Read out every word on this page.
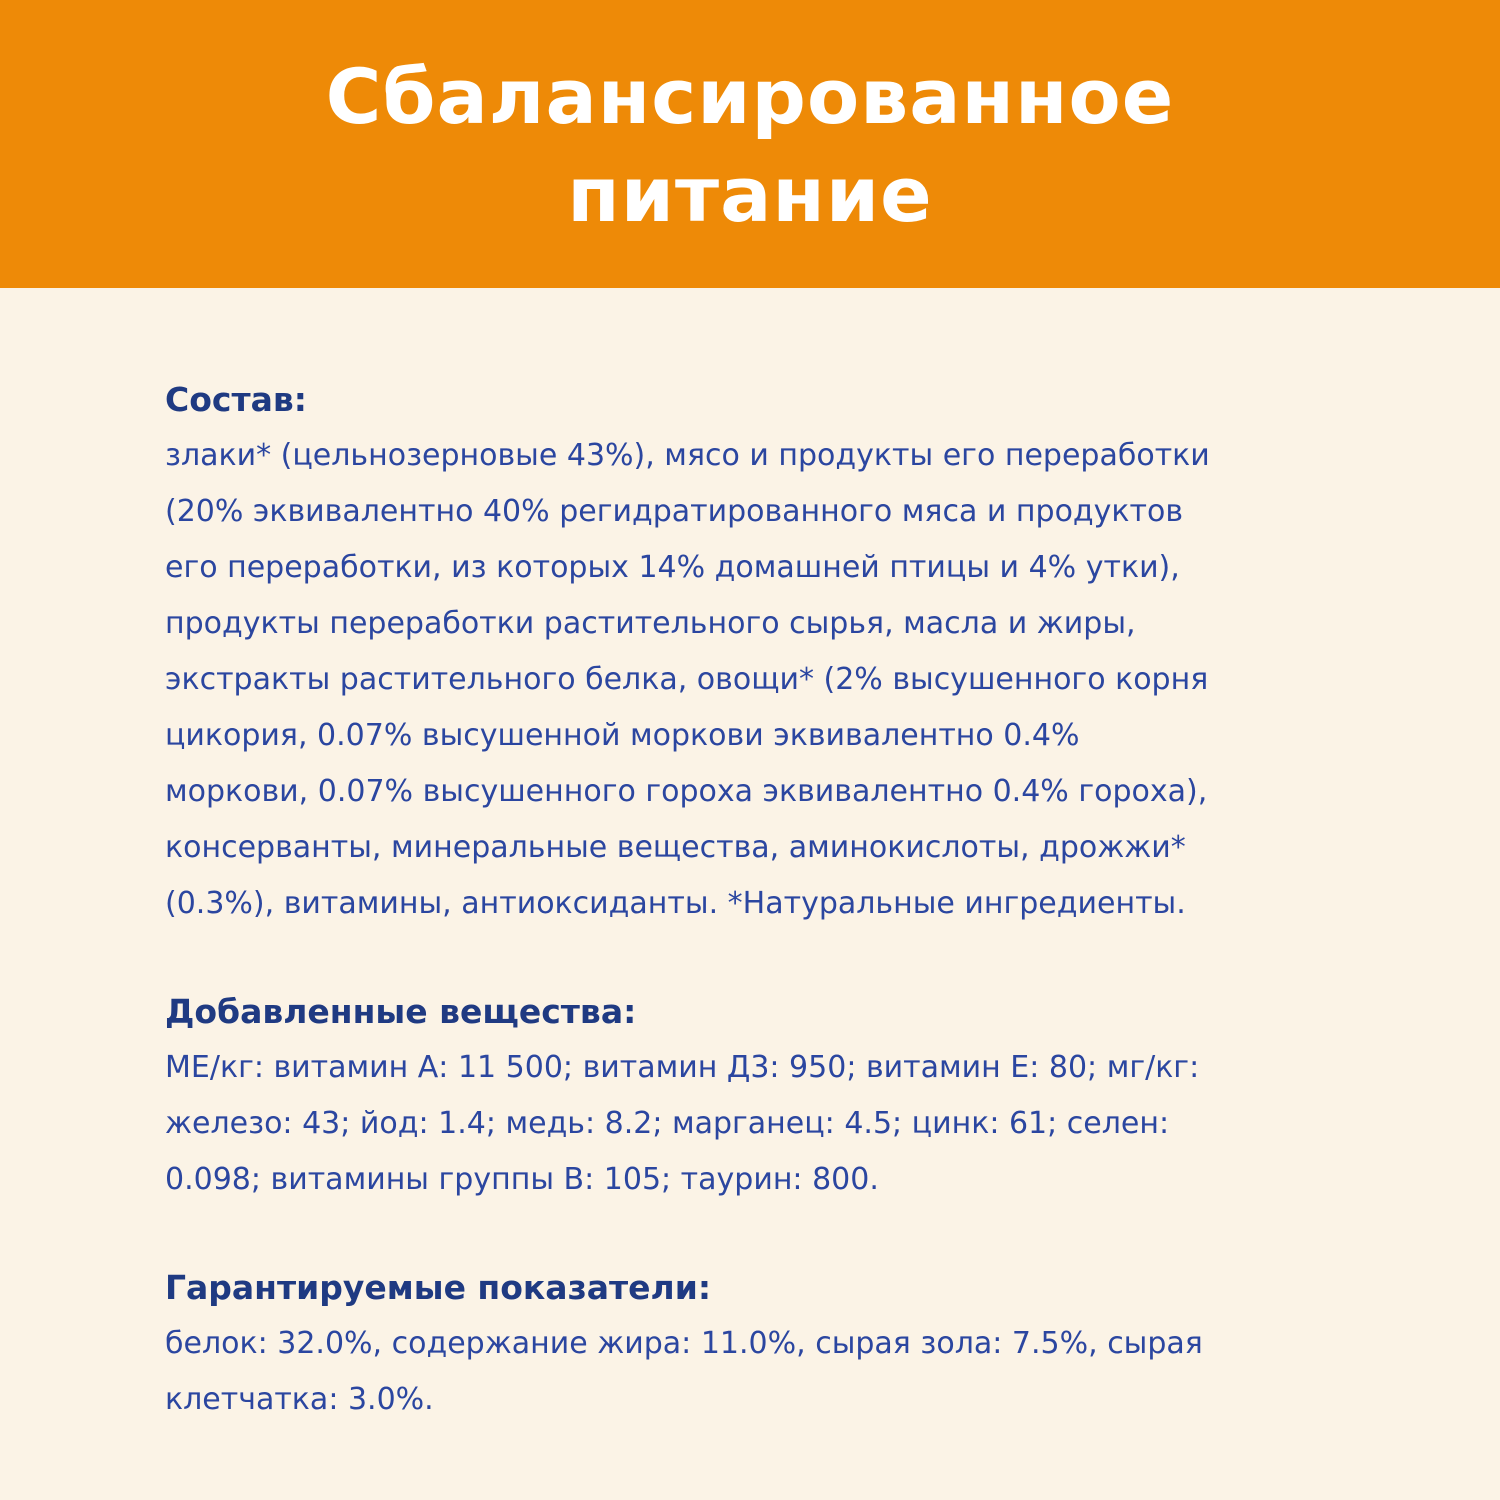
Сбалансированное
питание
Состав:

злаки* (цельнозерновые 43%), мясо и продукты его переработки
(20% эквивалентно 40% регидратированного мяса и продуктов
его переработки, из которых 14% домашней птицы и 4% утки),
продукты переработки растительного сырья, масла и жиры,
экстракты растительного белка, овощи* (2% высушенного корня
цикория, 0.07% высушенной моркови эквивалентно 0.4%
моркови, 0.07% высушенного гороха эквивалентно 0.4% гороха),
консерванты, минеральные вещества, аминокислоты, дрожжи*
(0.3%), витамины, антиоксиданты. *Натуральные ингредиенты.

Добавленные вещества:

МЕ/кг: витамин А: 11 500; витамин Д3: 950; витамин Е: 80; мг/кг:
железо: 43; йод: 1.4; медь: 8.2; марганец: 4.5; цинк: 61; селен:
0.098; витамины группы В: 105; таурин: 800.

Гарантируемые показатели:

белок: 32.0%, содержание жира: 11.0%, сырая зола: 7.5%, сырая
клетчатка: 3.0%.
